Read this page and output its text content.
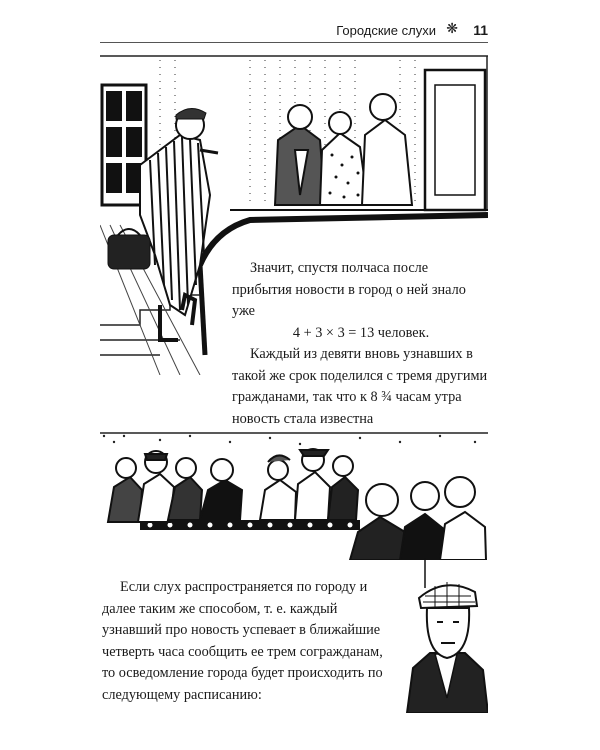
Городские слухи ❋ 11

Значит, спустя полчаса после прибытия новости в город о ней знало уже

4 + 3 × 3 = 13 человек.

Каждый из девяти вновь узнавших в такой же срок поделился с тремя другими гражданами, так что к 8 ¾ часам утра новость стала известна

Если слух распространяется по городу и далее таким же способом, т. е. каждый узнавший про новость успевает в ближайшие четверть часа сообщить ее трем согражданам, то осведомление города будет происходить по следующему расписанию:
